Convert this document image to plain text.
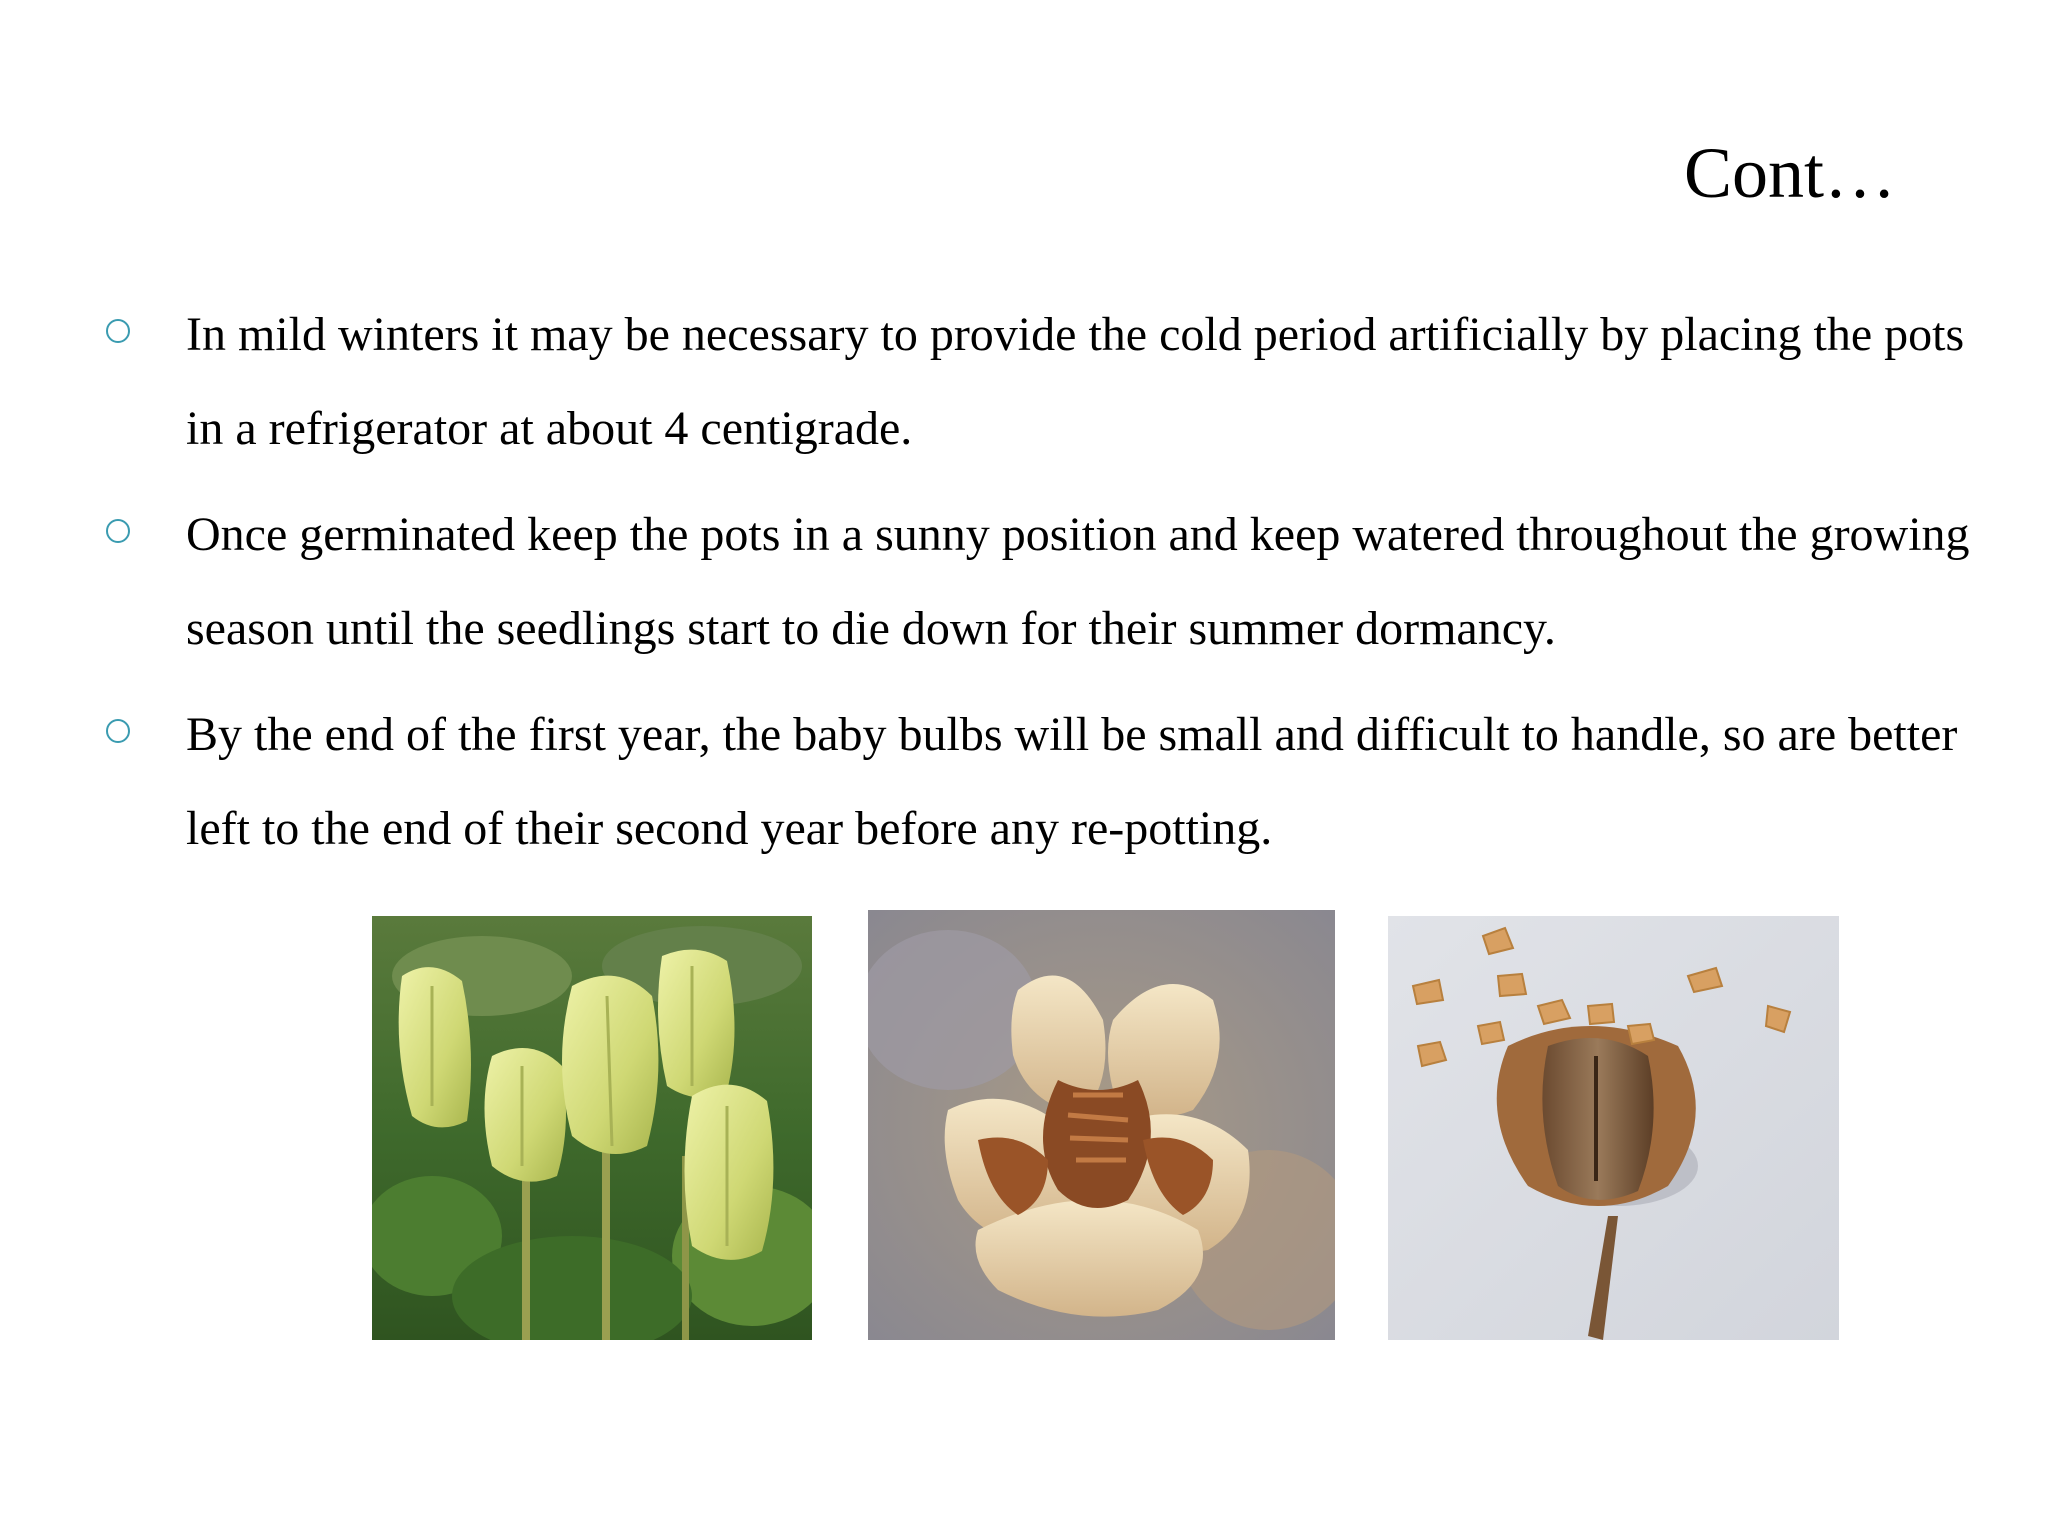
Cont…
In mild winters it may be necessary to provide the cold period artificially by placing the pots in a refrigerator at about 4 centigrade.
Once germinated keep the pots in a sunny position and keep watered throughout the growing season until the seedlings start to die down for their summer dormancy.
By the end of the first year, the baby bulbs will be small and difficult to handle, so are better left to the end of their second year before any re-potting.
